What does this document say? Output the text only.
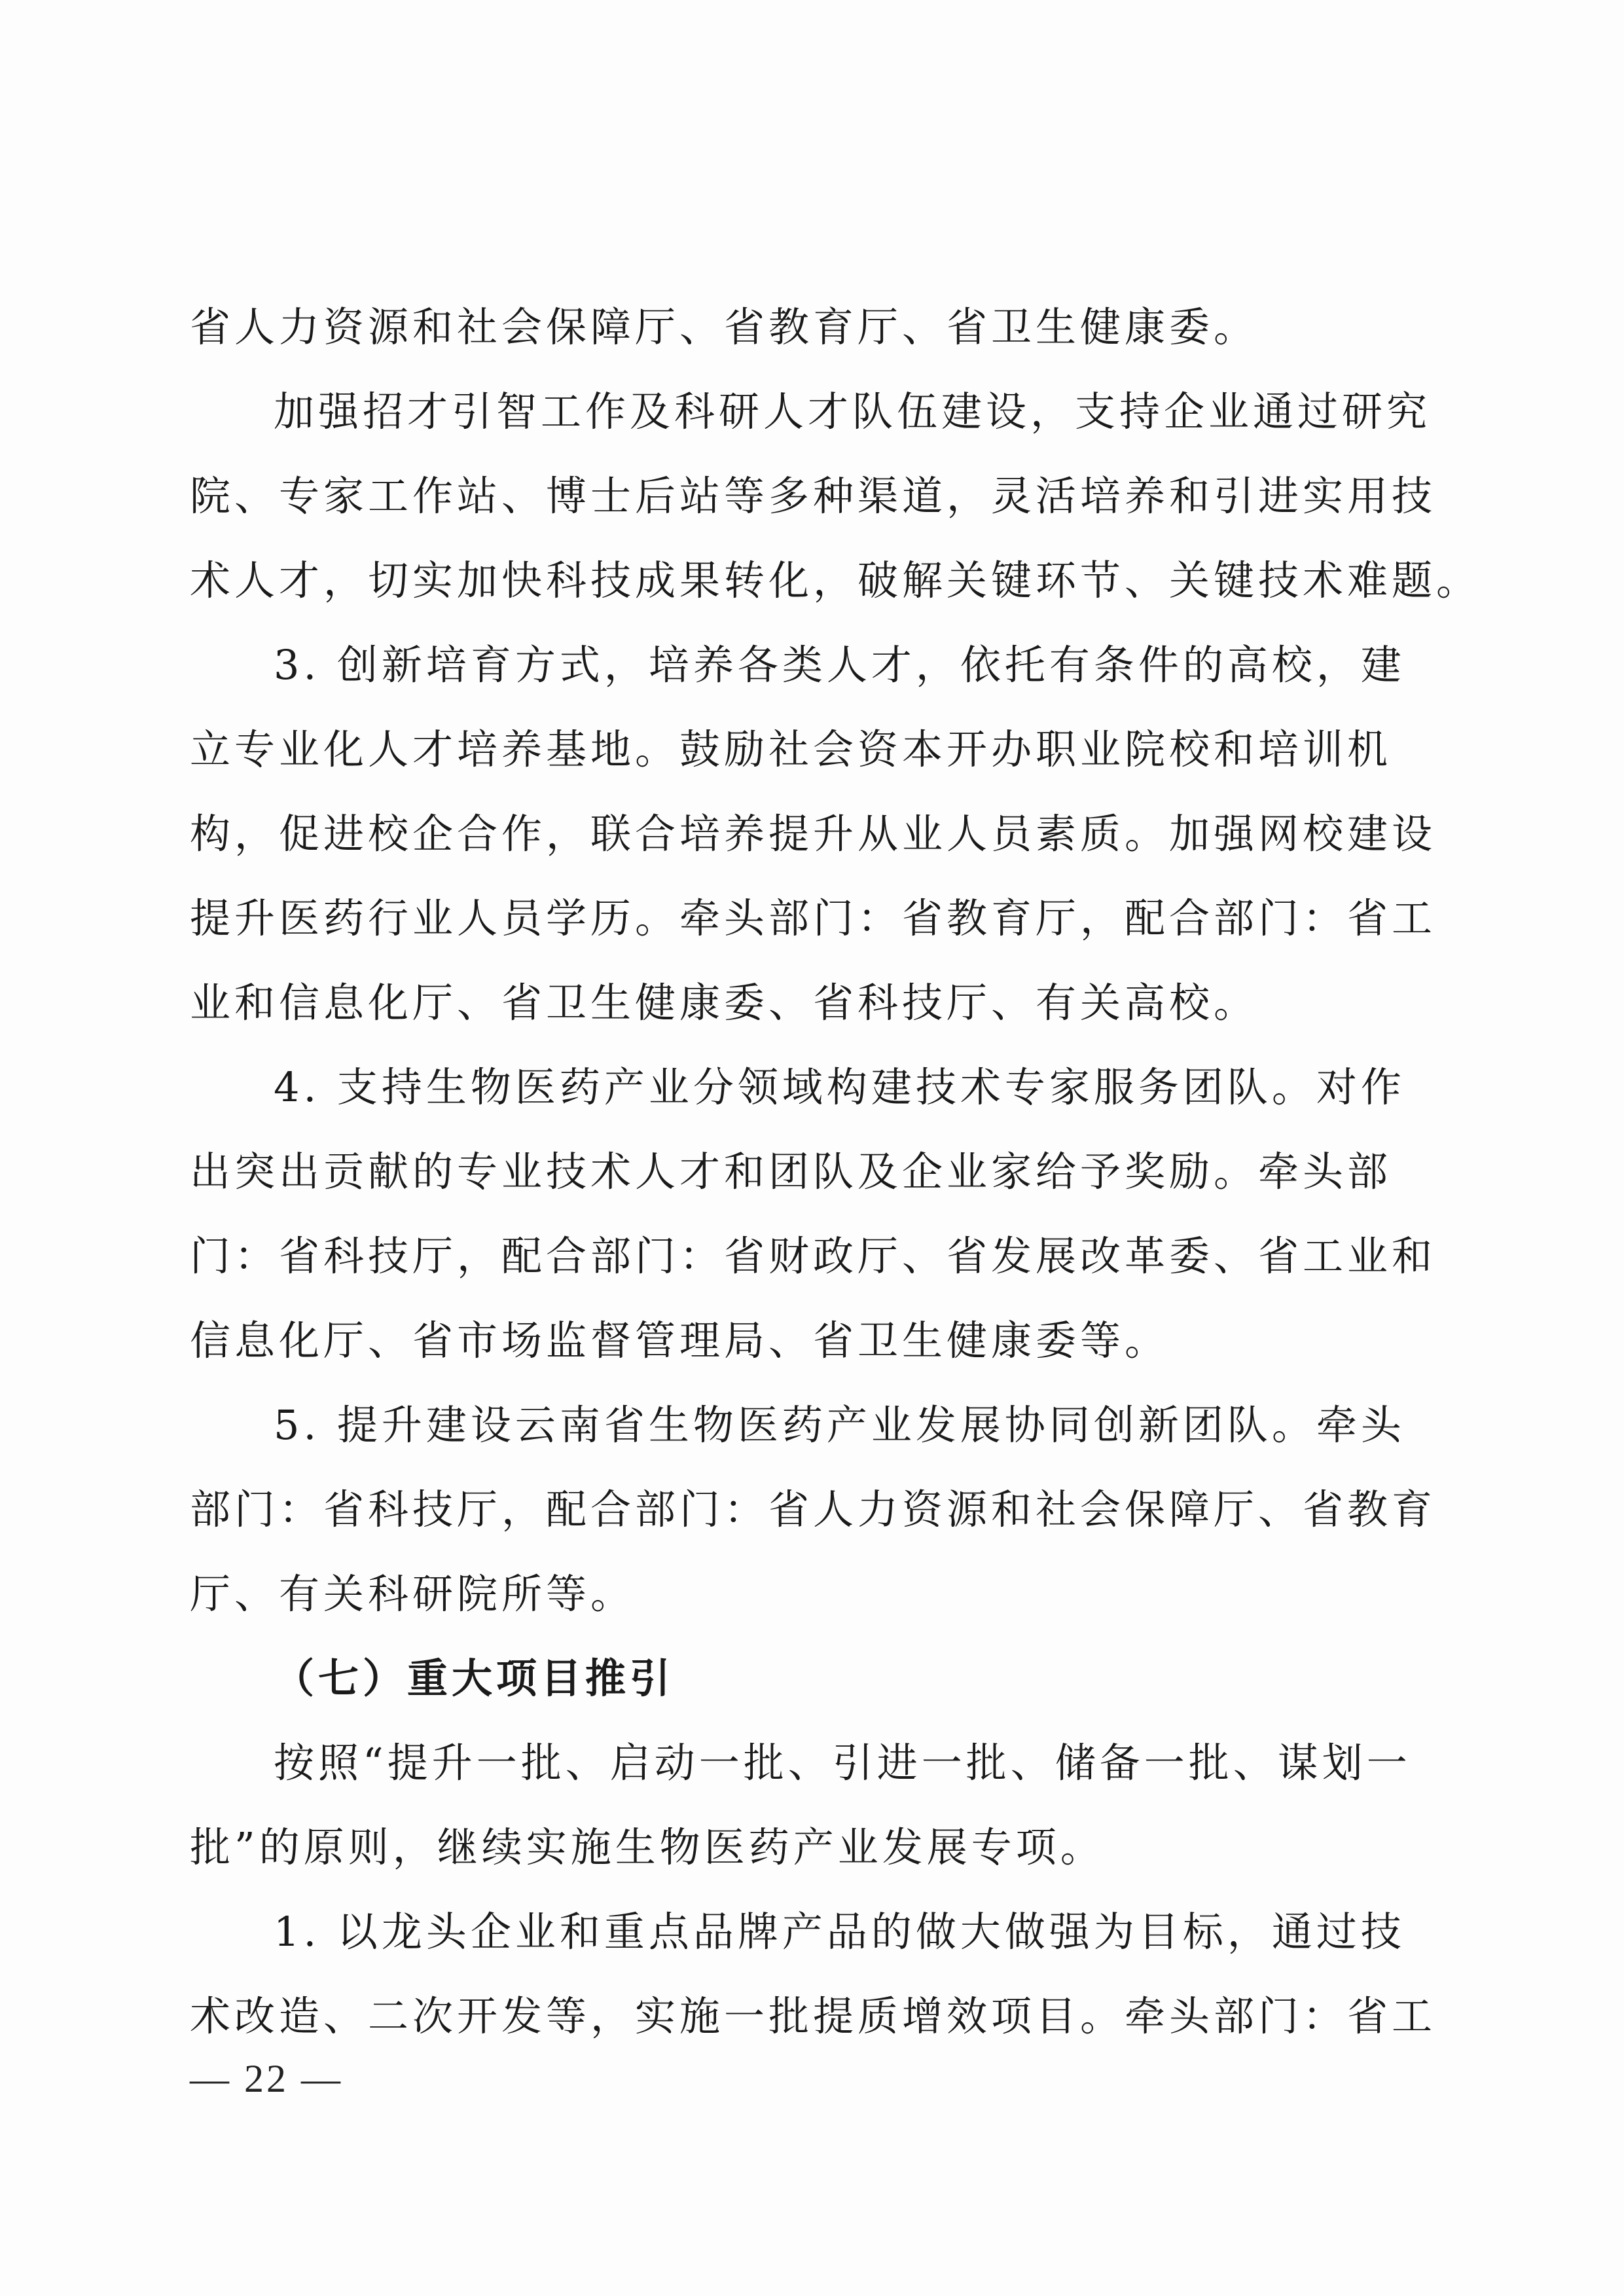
省人力资源和社会保障厅、省教育厅、省卫生健康委。
加强招才引智工作及科研人才队伍建设，支持企业通过研究
院、专家工作站、博士后站等多种渠道，灵活培养和引进实用技
术人才，切实加快科技成果转化，破解关键环节、关键技术难题。
3. 创新培育方式，培养各类人才，依托有条件的高校，建
立专业化人才培养基地。鼓励社会资本开办职业院校和培训机
构，促进校企合作，联合培养提升从业人员素质。加强网校建设
提升医药行业人员学历。牵头部门：省教育厅，配合部门：省工
业和信息化厅、省卫生健康委、省科技厅、有关高校。
4. 支持生物医药产业分领域构建技术专家服务团队。对作
出突出贡献的专业技术人才和团队及企业家给予奖励。牵头部
门：省科技厅，配合部门：省财政厅、省发展改革委、省工业和
信息化厅、省市场监督管理局、省卫生健康委等。
5. 提升建设云南省生物医药产业发展协同创新团队。牵头
部门：省科技厅，配合部门：省人力资源和社会保障厅、省教育
厅、有关科研院所等。
（七）重大项目推引
按照“提升一批、启动一批、引进一批、储备一批、谋划一
批”的原则，继续实施生物医药产业发展专项。
1. 以龙头企业和重点品牌产品的做大做强为目标，通过技
术改造、二次开发等，实施一批提质增效项目。牵头部门：省工
— 22 —
